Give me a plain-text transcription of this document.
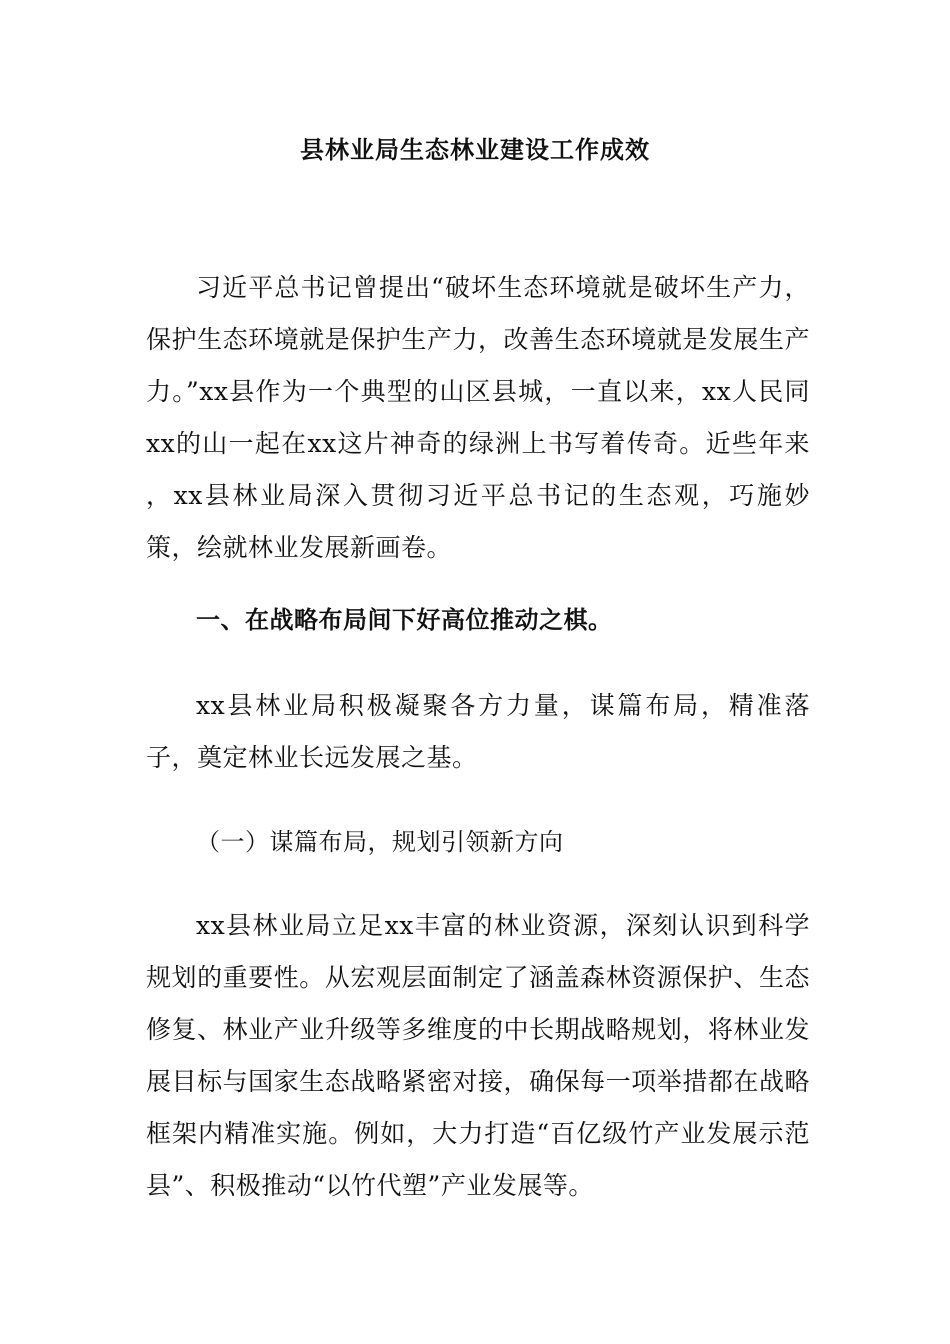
县林业局生态林业建设工作成效

习近平总书记曾提出“破坏生态环境就是破坏生产力，保护生态环境就是保护生产力，改善生态环境就是发展生产力。”xx县作为一个典型的山区县城，一直以来，xx人民同xx的山一起在xx这片神奇的绿洲上书写着传奇。近些年来 ，xx县林业局深入贯彻习近平总书记的生态观，巧施妙策，绘就林业发展新画卷。

一、在战略布局间下好高位推动之棋。

xx县林业局积极凝聚各方力量，谋篇布局，精准落子，奠定林业长远发展之基。

（一）谋篇布局，规划引领新方向

xx县林业局立足xx丰富的林业资源，深刻认识到科学规划的重要性。从宏观层面制定了涵盖森林资源保护、生态修复、林业产业升级等多维度的中长期战略规划，将林业发展目标与国家生态战略紧密对接，确保每一项举措都在战略框架内精准实施。例如，大力打造“百亿级竹产业发展示范县”、积极推动“以竹代塑”产业发展等。
